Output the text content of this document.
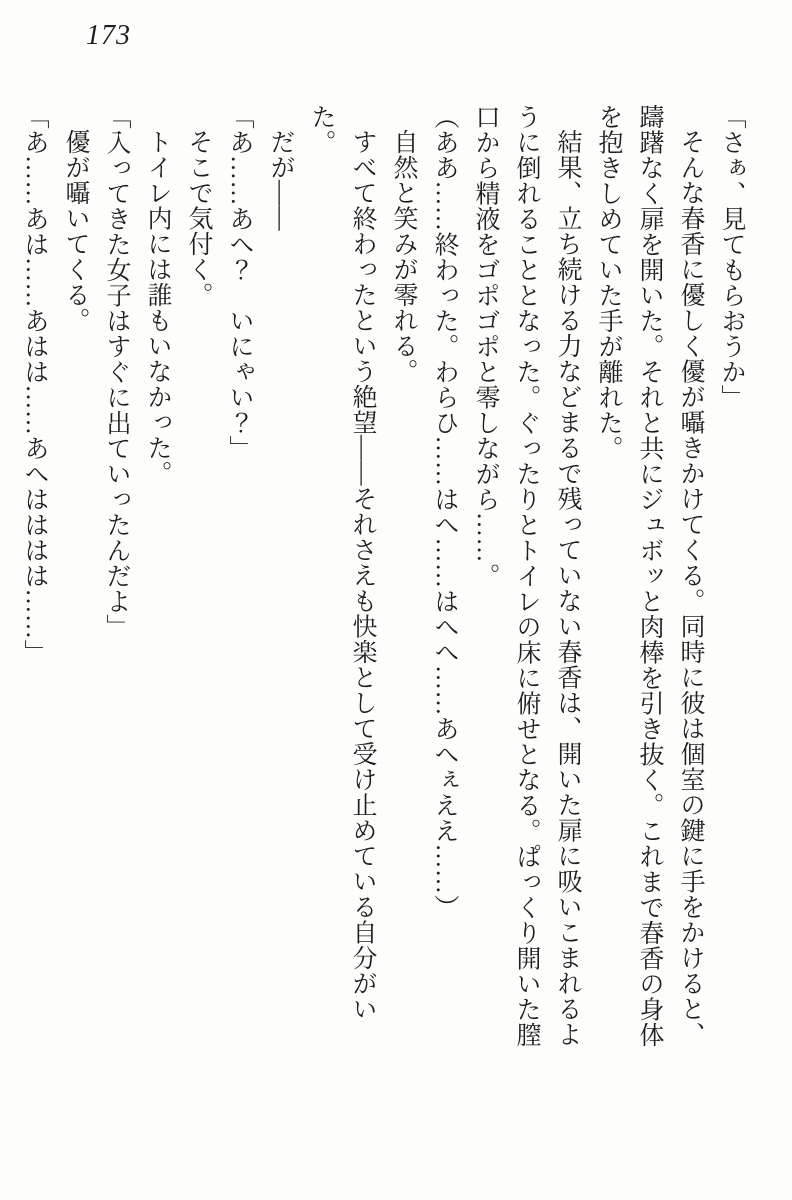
173

「さぁ、見てもらおうか」

そんな春香に優しく優が囁きかけてくる。同時に彼は個室の鍵に手をかけると、躊躇なく扉を開いた。それと共にジュボッと肉棒を引き抜く。これまで春香の身体を抱きしめていた手が離れた。

結果、立ち続ける力などまるで残っていない春香は、開いた扉に吸いこまれるように倒れることとなった。ぐったりとトイレの床に俯せとなる。ぱっくり開いた膣口から精液をゴポゴポと零しながら……。

（ああ……終わった。わらひ……はへ……はへへ……あへぇええ……）

自然と笑みが零れる。

すべて終わったという絶望――それさえも快楽として受け止めている自分がいた。

だが――

「あ……あへ？　いにゃい？」

そこで気付く。

トイレ内には誰もいなかった。

「入ってきた女子はすぐに出ていったんだよ」

優が囁いてくる。

「あ……あは……あはは……あへはははは……」
